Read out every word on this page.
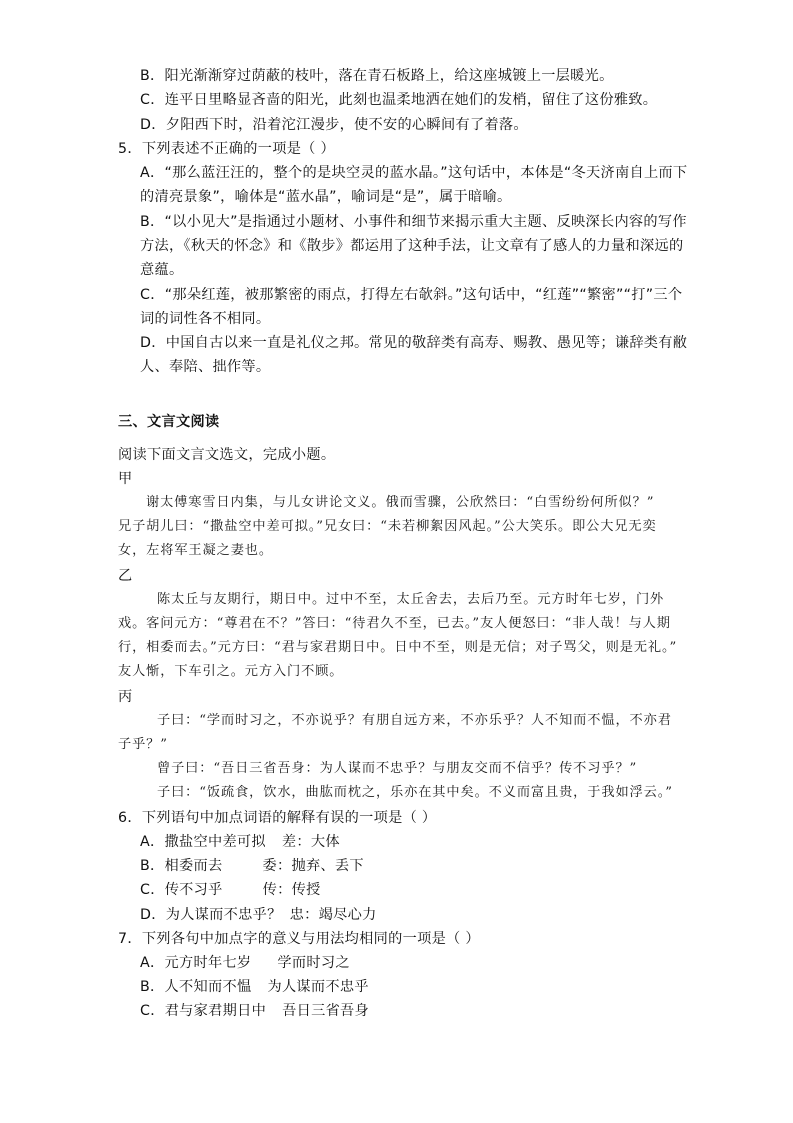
B．阳光渐渐穿过荫蔽的枝叶，落在青石板路上，给这座城镀上一层暖光。
C．连平日里略显吝啬的阳光，此刻也温柔地洒在她们的发梢，留住了这份雅致。
D．夕阳西下时，沿着沱江漫步，使不安的心瞬间有了着落。
5．下列表述不正确的一项是（ ）
A．“那么蓝汪汪的，整个的是块空灵的蓝水晶。”这句话中，本体是“冬天济南自上而下
的清亮景象”，喻体是“蓝水晶”，喻词是“是”，属于暗喻。
B．“以小见大”是指通过小题材、小事件和细节来揭示重大主题、反映深长内容的写作
方法，《秋天的怀念》和《散步》都运用了这种手法，让文章有了感人的力量和深远的
意蕴。
C．“那朵红莲，被那繁密的雨点，打得左右欹斜。”这句话中，“红莲”“繁密”“打”三个
词的词性各不相同。
D．中国自古以来一直是礼仪之邦。常见的敬辞类有高寿、赐教、愚见等；谦辞类有敝
人、奉陪、拙作等。
三、文言文阅读
阅读下面文言文选文，完成小题。
甲
谢太傅寒雪日内集，与儿女讲论文义。俄而雪骤，公欣然曰：“白雪纷纷何所似？”
兄子胡儿曰：“撒盐空中差可拟。”兄女曰：“未若柳絮因风起。”公大笑乐。即公大兄无奕
女，左将军王凝之妻也。
乙
陈太丘与友期行，期日中。过中不至，太丘舍去，去后乃至。元方时年七岁，门外
戏。客问元方：“尊君在不？”答曰：“待君久不至，已去。”友人便怒曰：“非人哉！与人期
行，相委而去。”元方曰：“君与家君期日中。日中不至，则是无信；对子骂父，则是无礼。”
友人惭，下车引之。元方入门不顾。
丙
子曰：“学而时习之，不亦说乎？有朋自远方来，不亦乐乎？人不知而不愠，不亦君
子乎？”
曾子曰：“吾日三省吾身：为人谋而不忠乎？与朋友交而不信乎？传不习乎？”
子曰：“饭疏食，饮水，曲肱而枕之，乐亦在其中矣。不义而富且贵，于我如浮云。”
6．下列语句中加点词语的解释有误的一项是（ ）
A．撒盐空中差可拟 差：大体
B．相委而去	委：抛弃、丢下
C．传不习乎	传：传授
D．为人谋而不忠乎？ 忠：竭尽心力
7．下列各句中加点字的意义与用法均相同的一项是（ ）
A．元方时年七岁 学而时习之
B．人不知而不愠 为人谋而不忠乎
C．君与家君期日中 吾日三省吾身
